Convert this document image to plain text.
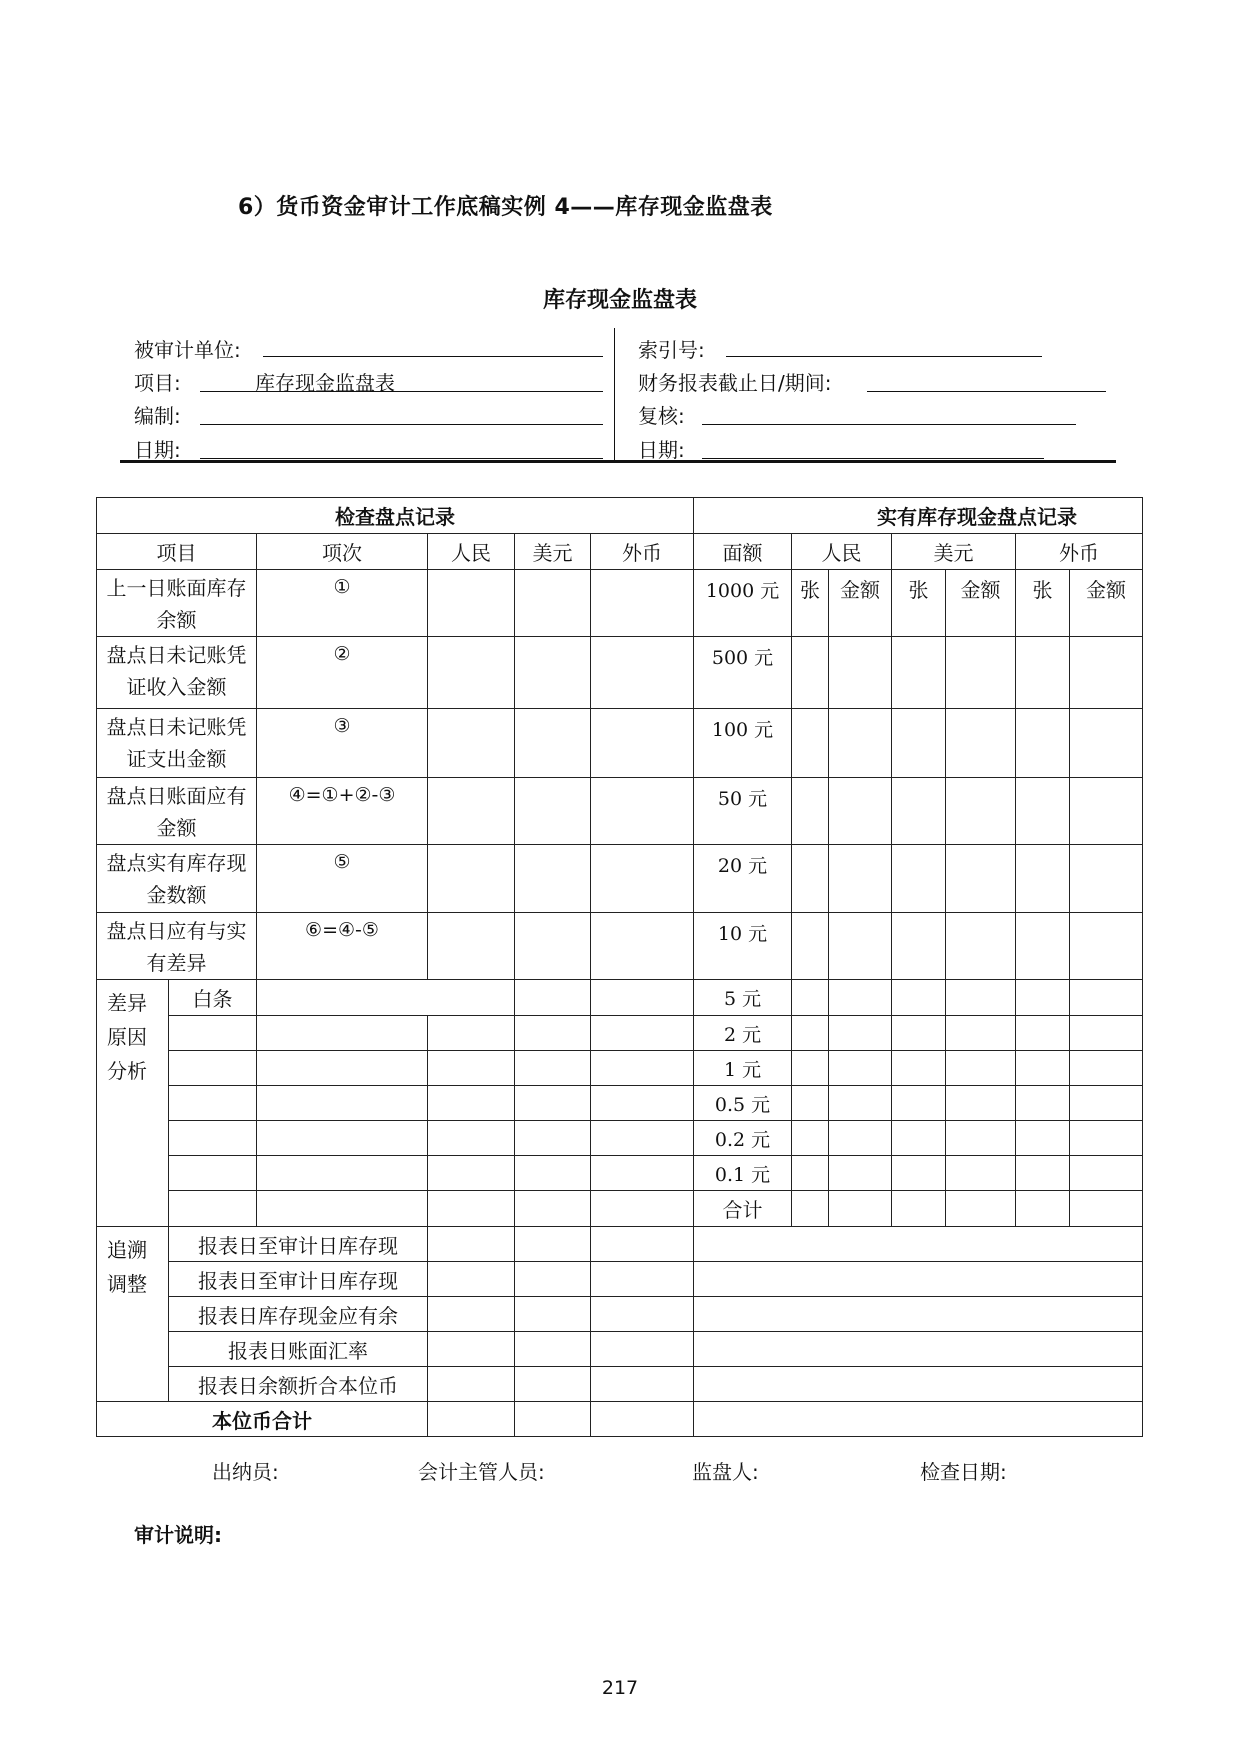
6）货币资金审计工作底稿实例 4——库存现金监盘表
库存现金监盘表
被审计单位:
项目:	库存现金监盘表
编制:
日期:
索引号:
财务报表截止日/期间:
复核:
日期:
检查盘点记录						实有库存现金盘点记录						
项目		项次	人民	美元	外币	面额	人民		美元		外币	
上一日账面库存余额		①				1000 元	张	金额	张	金额	张	金额
盘点日未记账凭证收入金额		②				500 元						
盘点日未记账凭证支出金额		③				100 元						
盘点日账面应有金额		④=①+②-③				50 元						
盘点实有库存现金数额		⑤				20 元						
盘点日应有与实有差异		⑥=④-⑤				10 元						
差异原因分析	白条					5 元						
						2 元						
						1 元						
						0.5 元						
						0.2 元						
						0.1 元						
						合计						
追溯调整	报表日至审计日库存现											
	报表日至审计日库存现											
	报表日库存现金应有余											
	报表日账面汇率											
	报表日余额折合本位币											
本位币合计												
出纳员:	会计主管人员:	监盘人:	检查日期:
审计说明:
217
